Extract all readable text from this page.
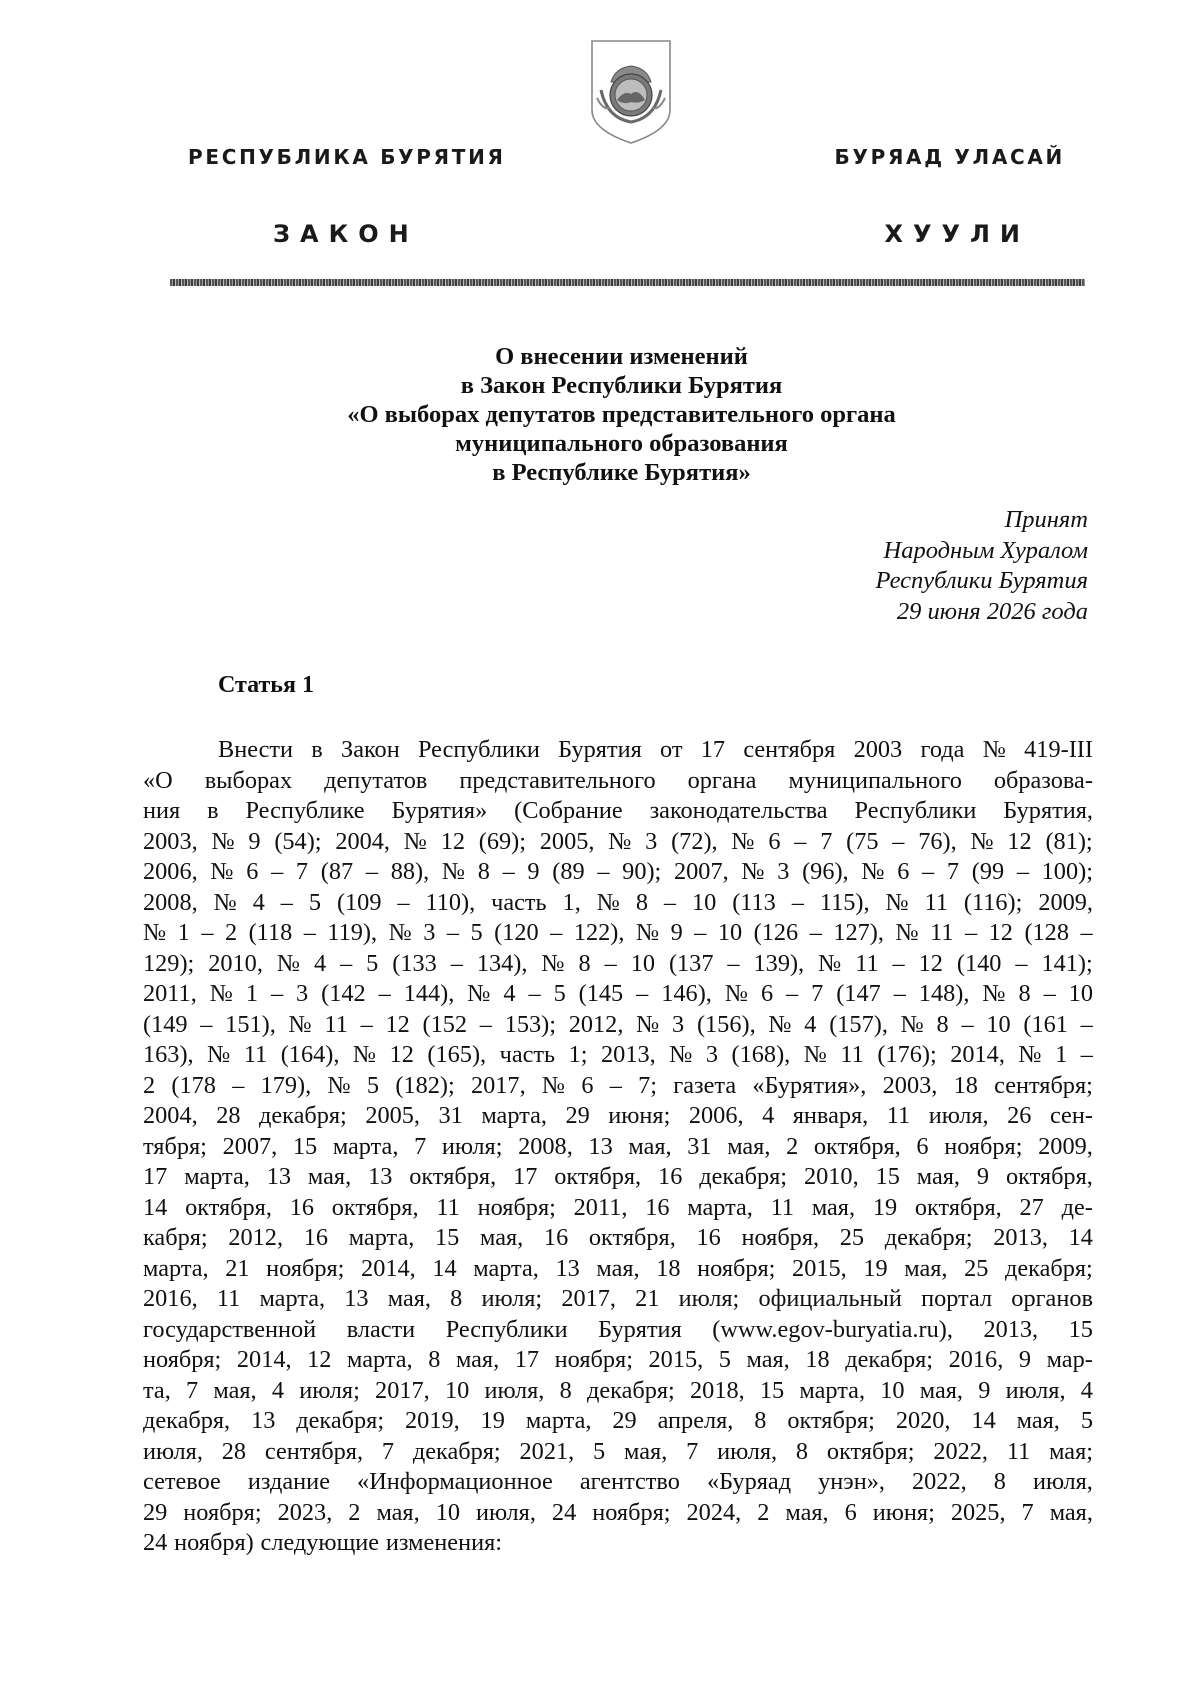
РЕСПУБЛИКА БУРЯТИЯ	БУРЯАД УЛАСАЙ
ЗАКОН	ХУУЛИ
О внесении изменений
в Закон Республики Бурятия
«О выборах депутатов представительного органа
муниципального образования
в Республике Бурятия»
Принят
Народным Хуралом
Республики Бурятия
29 июня 2026 года
Статья 1
Внести в Закон Республики Бурятия от 17 сентября 2003 года № 419-III
«О выборах депутатов представительного органа муниципального образова-
ния в Республике Бурятия» (Собрание законодательства Республики Бурятия,
2003, № 9 (54); 2004, № 12 (69); 2005, № 3 (72), № 6 – 7 (75 – 76), № 12 (81);
2006, № 6 – 7 (87 – 88), № 8 – 9 (89 – 90); 2007, № 3 (96), № 6 – 7 (99 – 100);
2008, № 4 – 5 (109 – 110), часть 1, № 8 – 10 (113 – 115), № 11 (116); 2009,
№ 1 – 2 (118 – 119), № 3 – 5 (120 – 122), № 9 – 10 (126 – 127), № 11 – 12 (128 –
129); 2010, № 4 – 5 (133 – 134), № 8 – 10 (137 – 139), № 11 – 12 (140 – 141);
2011, № 1 – 3 (142 – 144), № 4 – 5 (145 – 146), № 6 – 7 (147 – 148), № 8 – 10
(149 – 151), № 11 – 12 (152 – 153); 2012, № 3 (156), № 4 (157), № 8 – 10 (161 –
163), № 11 (164), № 12 (165), часть 1; 2013, № 3 (168), № 11 (176); 2014, № 1 –
2 (178 – 179), № 5 (182); 2017, № 6 – 7; газета «Бурятия», 2003, 18 сентября;
2004, 28 декабря; 2005, 31 марта, 29 июня; 2006, 4 января, 11 июля, 26 сен-
тября; 2007, 15 марта, 7 июля; 2008, 13 мая, 31 мая, 2 октября, 6 ноября; 2009,
17 марта, 13 мая, 13 октября, 17 октября, 16 декабря; 2010, 15 мая, 9 октября,
14 октября, 16 октября, 11 ноября; 2011, 16 марта, 11 мая, 19 октября, 27 де-
кабря; 2012, 16 марта, 15 мая, 16 октября, 16 ноября, 25 декабря; 2013, 14
марта, 21 ноября; 2014, 14 марта, 13 мая, 18 ноября; 2015, 19 мая, 25 декабря;
2016, 11 марта, 13 мая, 8 июля; 2017, 21 июля; официальный портал органов
государственной власти Республики Бурятия (www.egov-buryatia.ru), 2013, 15
ноября; 2014, 12 марта, 8 мая, 17 ноября; 2015, 5 мая, 18 декабря; 2016, 9 мар-
та, 7 мая, 4 июля; 2017, 10 июля, 8 декабря; 2018, 15 марта, 10 мая, 9 июля, 4
декабря, 13 декабря; 2019, 19 марта, 29 апреля, 8 октября; 2020, 14 мая, 5
июля, 28 сентября, 7 декабря; 2021, 5 мая, 7 июля, 8 октября; 2022, 11 мая;
сетевое издание «Информационное агентство «Буряад унэн», 2022, 8 июля,
29 ноября; 2023, 2 мая, 10 июля, 24 ноября; 2024, 2 мая, 6 июня; 2025, 7 мая,
24 ноября) следующие изменения:
